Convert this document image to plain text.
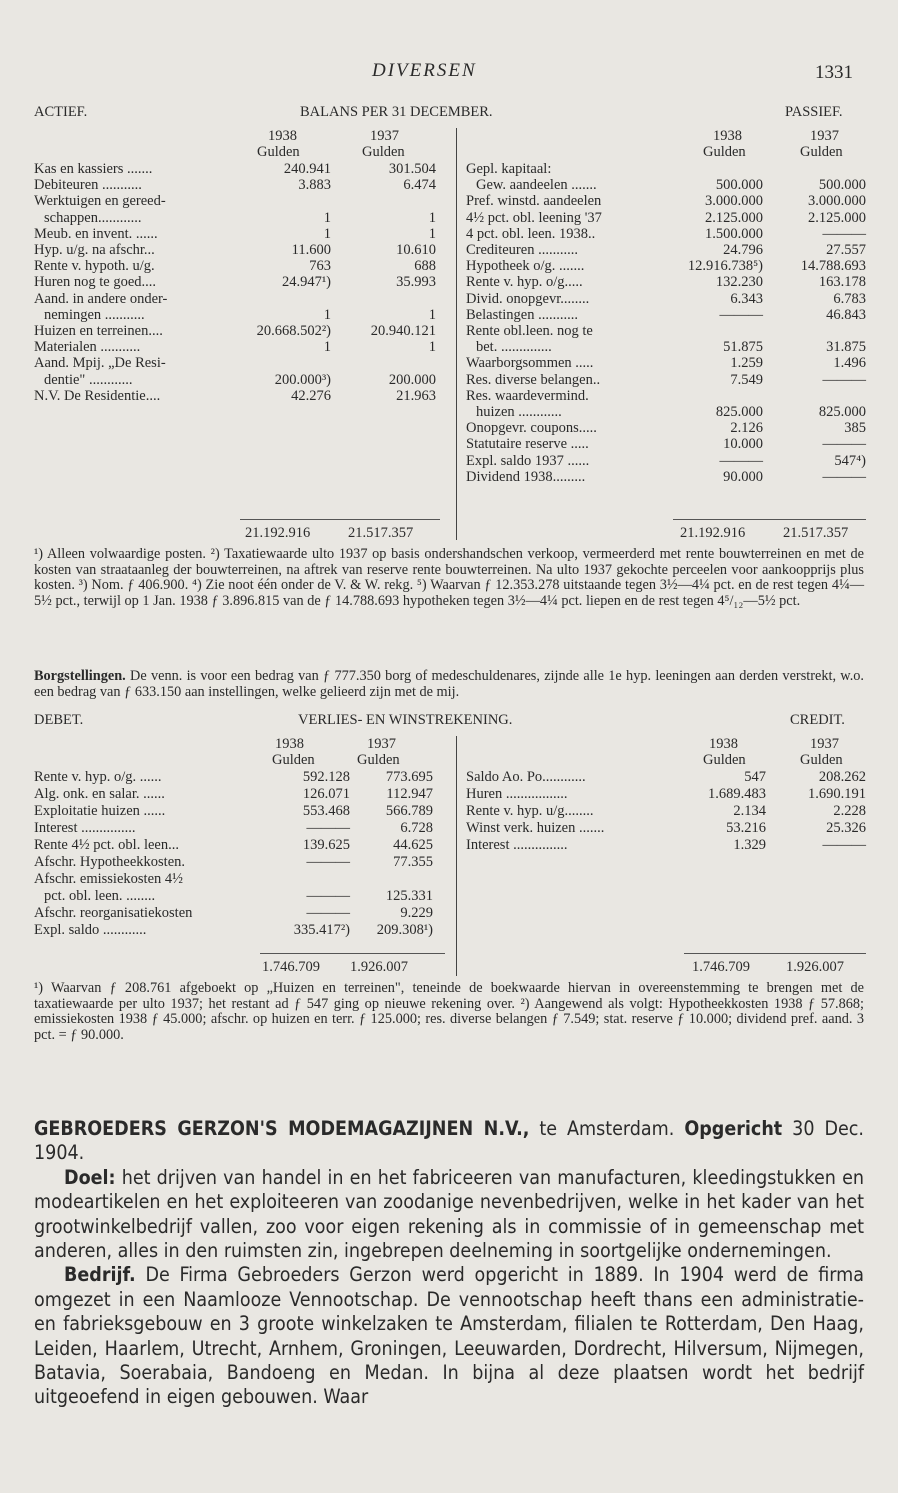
DIVERSEN	1331
ACTIEF.	BALANS PER 31 DECEMBER.	PASSIEF.
1938	1937
Gulden	Gulden
1938	1937
Gulden	Gulden
Kas en kassiers .......	240.941	301.504
Debiteuren ...........	3.883	6.474
Werktuigen en gereed-
schappen............	1	1
Meub. en invent. ......	1	1
Hyp. u/g. na afschr...	11.600	10.610
Rente v. hypoth. u/g.	763	688
Huren nog te goed....	24.947¹)	35.993
Aand. in andere onder-
nemingen ...........	1	1
Huizen en terreinen....	20.668.502²)	20.940.121
Materialen ...........	1	1
Aand. Mpij. „De Resi-
dentie" ............	200.000³)	200.000
N.V. De Residentie....	42.276	21.963
Gepl. kapitaal:
Gew. aandeelen .......	500.000	500.000
Pref. winstd. aandeelen	3.000.000	3.000.000
4½ pct. obl. leening '37	2.125.000	2.125.000
4 pct. obl. leen. 1938..	1.500.000	———
Crediteuren ...........	24.796	27.557
Hypotheek o/g. .......	12.916.738⁵)	14.788.693
Rente v. hyp. o/g.....	132.230	163.178
Divid. onopgevr........	6.343	6.783
Belastingen ...........	———	46.843
Rente obl.leen. nog te
bet. ..............	51.875	31.875
Waarborgsommen .....	1.259	1.496
Res. diverse belangen..	7.549	———
Res. waardevermind.
huizen ............	825.000	825.000
Onopgevr. coupons.....	2.126	385
Statutaire reserve .....	10.000	———
Expl. saldo 1937 ......	———	547⁴)
Dividend 1938.........	90.000	———
21.192.916	21.517.357	21.192.916	21.517.357
¹) Alleen volwaardige posten. ²) Taxatiewaarde ulto 1937 op basis ondershandschen verkoop, vermeerderd met rente bouwterreinen en met de kosten van straataanleg der bouwterreinen, na aftrek van reserve rente bouwterreinen. Na ulto 1937 gekochte perceelen voor aankoopprijs plus kosten. ³) Nom. ƒ 406.900. ⁴) Zie noot één onder de V. & W. rekg. ⁵) Waarvan ƒ 12.353.278 uitstaande tegen 3½—4¼ pct. en de rest tegen 4¼—5½ pct., terwijl op 1 Jan. 1938 ƒ 3.896.815 van de ƒ 14.788.693 hypotheken tegen 3½—4¼ pct. liepen en de rest tegen 4⁵/₁₂—5½ pct.
Borgstellingen. De venn. is voor een bedrag van ƒ 777.350 borg of medeschuldenares, zijnde alle 1e hyp. leeningen aan derden verstrekt, w.o. een bedrag van ƒ 633.150 aan instellingen, welke gelieerd zijn met de mij.
DEBET.	VERLIES- EN WINSTREKENING.	CREDIT.
1938	1937
Gulden	Gulden
1938	1937
Gulden	Gulden
Rente v. hyp. o/g. ......	592.128 773.695
Alg. onk. en salar. ......	126.071	112.947
Exploitatie huizen ......	553.468 566.789
Interest ...............	———	6.728
Rente 4½ pct. obl. leen...	139.625	44.625
Afschr. Hypotheekkosten.	———	77.355
Afschr. emissiekosten 4½
pct. obl. leen. ........	——— 125.331
Afschr. reorganisatiekosten	———	9.229
Expl. saldo ............	335.417²) 209.308¹)
Saldo Ao. Po............	547	208.262
Huren .................	1.689.483	1.690.191
Rente v. hyp. u/g........	2.134	2.228
Winst verk. huizen .......	53.216	25.326
Interest ...............	1.329	———
1.746.709 1.926.007	1.746.709 1.926.007
¹) Waarvan ƒ 208.761 afgeboekt op „Huizen en terreinen", teneinde de boekwaarde hiervan in overeenstemming te brengen met de taxatiewaarde per ulto 1937; het restant ad ƒ 547 ging op nieuwe rekening over. ²) Aangewend als volgt: Hypotheekkosten 1938 ƒ 57.868; emissiekosten 1938 ƒ 45.000; afschr. op huizen en terr. ƒ 125.000; res. diverse belangen ƒ 7.549; stat. reserve ƒ 10.000; dividend pref. aand. 3 pct. = ƒ 90.000.

GEBROEDERS GERZON'S MODEMAGAZIJNEN N.V., te Amsterdam. Opgericht 30 Dec. 1904.

Doel: het drijven van handel in en het fabriceeren van manufacturen, kleedingstukken en modeartikelen en het exploiteeren van zoodanige nevenbedrijven, welke in het kader van het grootwinkelbedrijf vallen, zoo voor eigen rekening als in commissie of in gemeenschap met anderen, alles in den ruimsten zin, ingebrepen deelneming in soortgelijke ondernemingen.

Bedrijf. De Firma Gebroeders Gerzon werd opgericht in 1889. In 1904 werd de firma omgezet in een Naamlooze Vennootschap. De vennootschap heeft thans een administratie- en fabrieksgebouw en 3 groote winkelzaken te Amsterdam, filialen te Rotterdam, Den Haag, Leiden, Haarlem, Utrecht, Arnhem, Groningen, Leeuwarden, Dordrecht, Hilversum, Nijmegen, Batavia, Soerabaia, Bandoeng en Medan. In bijna al deze plaatsen wordt het bedrijf uitgeoefend in eigen gebouwen. Waar
